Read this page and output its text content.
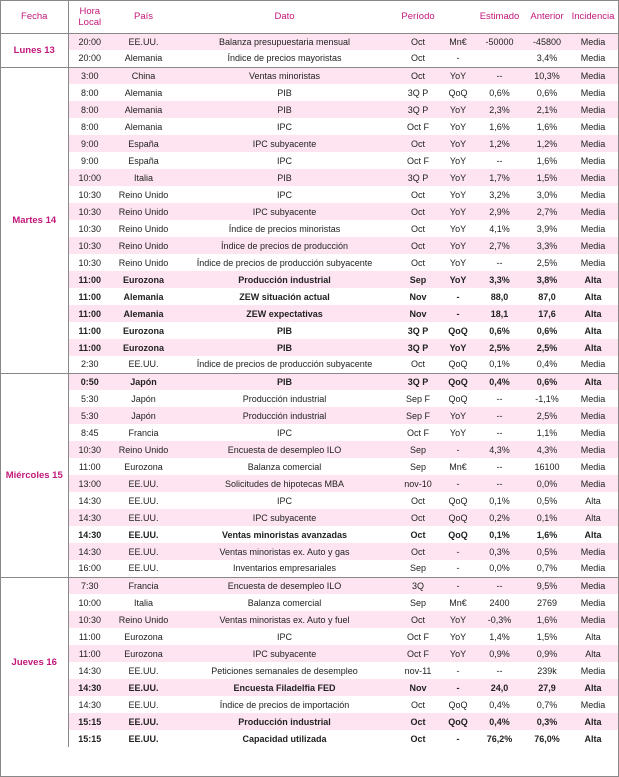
Fecha	Hora Local	País	Dato	Período		Estimado	Anterior	Incidencia
Lunes 13	20:00	EE.UU.	Balanza presupuestaria mensual	Oct	Mn€	-50000	-45800	Media
	20:00	Alemania	Índice de precios mayoristas	Oct	-		3,4%	Media
Martes 14	3:00	China	Ventas minoristas	Oct	YoY	--	10,3%	Media
	8:00	Alemania	PIB	3Q P	QoQ	0,6%	0,6%	Media
	8:00	Alemania	PIB	3Q P	YoY	2,3%	2,1%	Media
	8:00	Alemania	IPC	Oct F	YoY	1,6%	1,6%	Media
	9:00	España	IPC subyacente	Oct	YoY	1,2%	1,2%	Media
	9:00	España	IPC	Oct F	YoY	--	1,6%	Media
	10:00	Italia	PIB	3Q P	YoY	1,7%	1,5%	Media
	10:30	Reino Unido	IPC	Oct	YoY	3,2%	3,0%	Media
	10:30	Reino Unido	IPC subyacente	Oct	YoY	2,9%	2,7%	Media
	10:30	Reino Unido	Índice de precios minoristas	Oct	YoY	4,1%	3,9%	Media
	10:30	Reino Unido	Índice de precios de producción	Oct	YoY	2,7%	3,3%	Media
	10:30	Reino Unido	Índice de precios de producción subyacente	Oct	YoY	--	2,5%	Media
	11:00	Eurozona	Producción industrial	Sep	YoY	3,3%	3,8%	Alta
	11:00	Alemania	ZEW situación actual	Nov	-	88,0	87,0	Alta
	11:00	Alemania	ZEW expectativas	Nov	-	18,1	17,6	Alta
	11:00	Eurozona	PIB	3Q P	QoQ	0,6%	0,6%	Alta
	11:00	Eurozona	PIB	3Q P	YoY	2,5%	2,5%	Alta
	2:30	EE.UU.	Índice de precios de producción subyacente	Oct	QoQ	0,1%	0,4%	Media
Miércoles 15	0:50	Japón	PIB	3Q P	QoQ	0,4%	0,6%	Alta
	5:30	Japón	Producción industrial	Sep F	QoQ	--	-1,1%	Media
	5:30	Japón	Producción industrial	Sep F	YoY	--	2,5%	Media
	8:45	Francia	IPC	Oct F	YoY	--	1,1%	Media
	10:30	Reino Unido	Encuesta de desempleo ILO	Sep	-	4,3%	4,3%	Media
	11:00	Eurozona	Balanza comercial	Sep	Mn€	--	16100	Media
	13:00	EE.UU.	Solicitudes de hipotecas MBA	nov-10	-	--	0,0%	Media
	14:30	EE.UU.	IPC	Oct	QoQ	0,1%	0,5%	Alta
	14:30	EE.UU.	IPC subyacente	Oct	QoQ	0,2%	0,1%	Alta
	14:30	EE.UU.	Ventas minoristas avanzadas	Oct	QoQ	0,1%	1,6%	Alta
	14:30	EE.UU.	Ventas minoristas ex. Auto y gas	Oct	-	0,3%	0,5%	Media
	16:00	EE.UU.	Inventarios empresariales	Sep	-	0,0%	0,7%	Media
Jueves 16	7:30	Francia	Encuesta de desempleo ILO	3Q	-	--	9,5%	Media
	10:00	Italia	Balanza comercial	Sep	Mn€	2400	2769	Media
	10:30	Reino Unido	Ventas minoristas ex. Auto y fuel	Oct	YoY	-0,3%	1,6%	Media
	11:00	Eurozona	IPC	Oct F	YoY	1,4%	1,5%	Alta
	11:00	Eurozona	IPC subyacente	Oct F	YoY	0,9%	0,9%	Alta
	14:30	EE.UU.	Peticiones semanales de desempleo	nov-11	-	--	239k	Media
	14:30	EE.UU.	Encuesta Filadelfia FED	Nov	-	24,0	27,9	Alta
	14:30	EE.UU.	Índice de precios de importación	Oct	QoQ	0,4%	0,7%	Media
	15:15	EE.UU.	Producción industrial	Oct	QoQ	0,4%	0,3%	Alta
	15:15	EE.UU.	Capacidad utilizada	Oct	-	76,2%	76,0%	Alta
